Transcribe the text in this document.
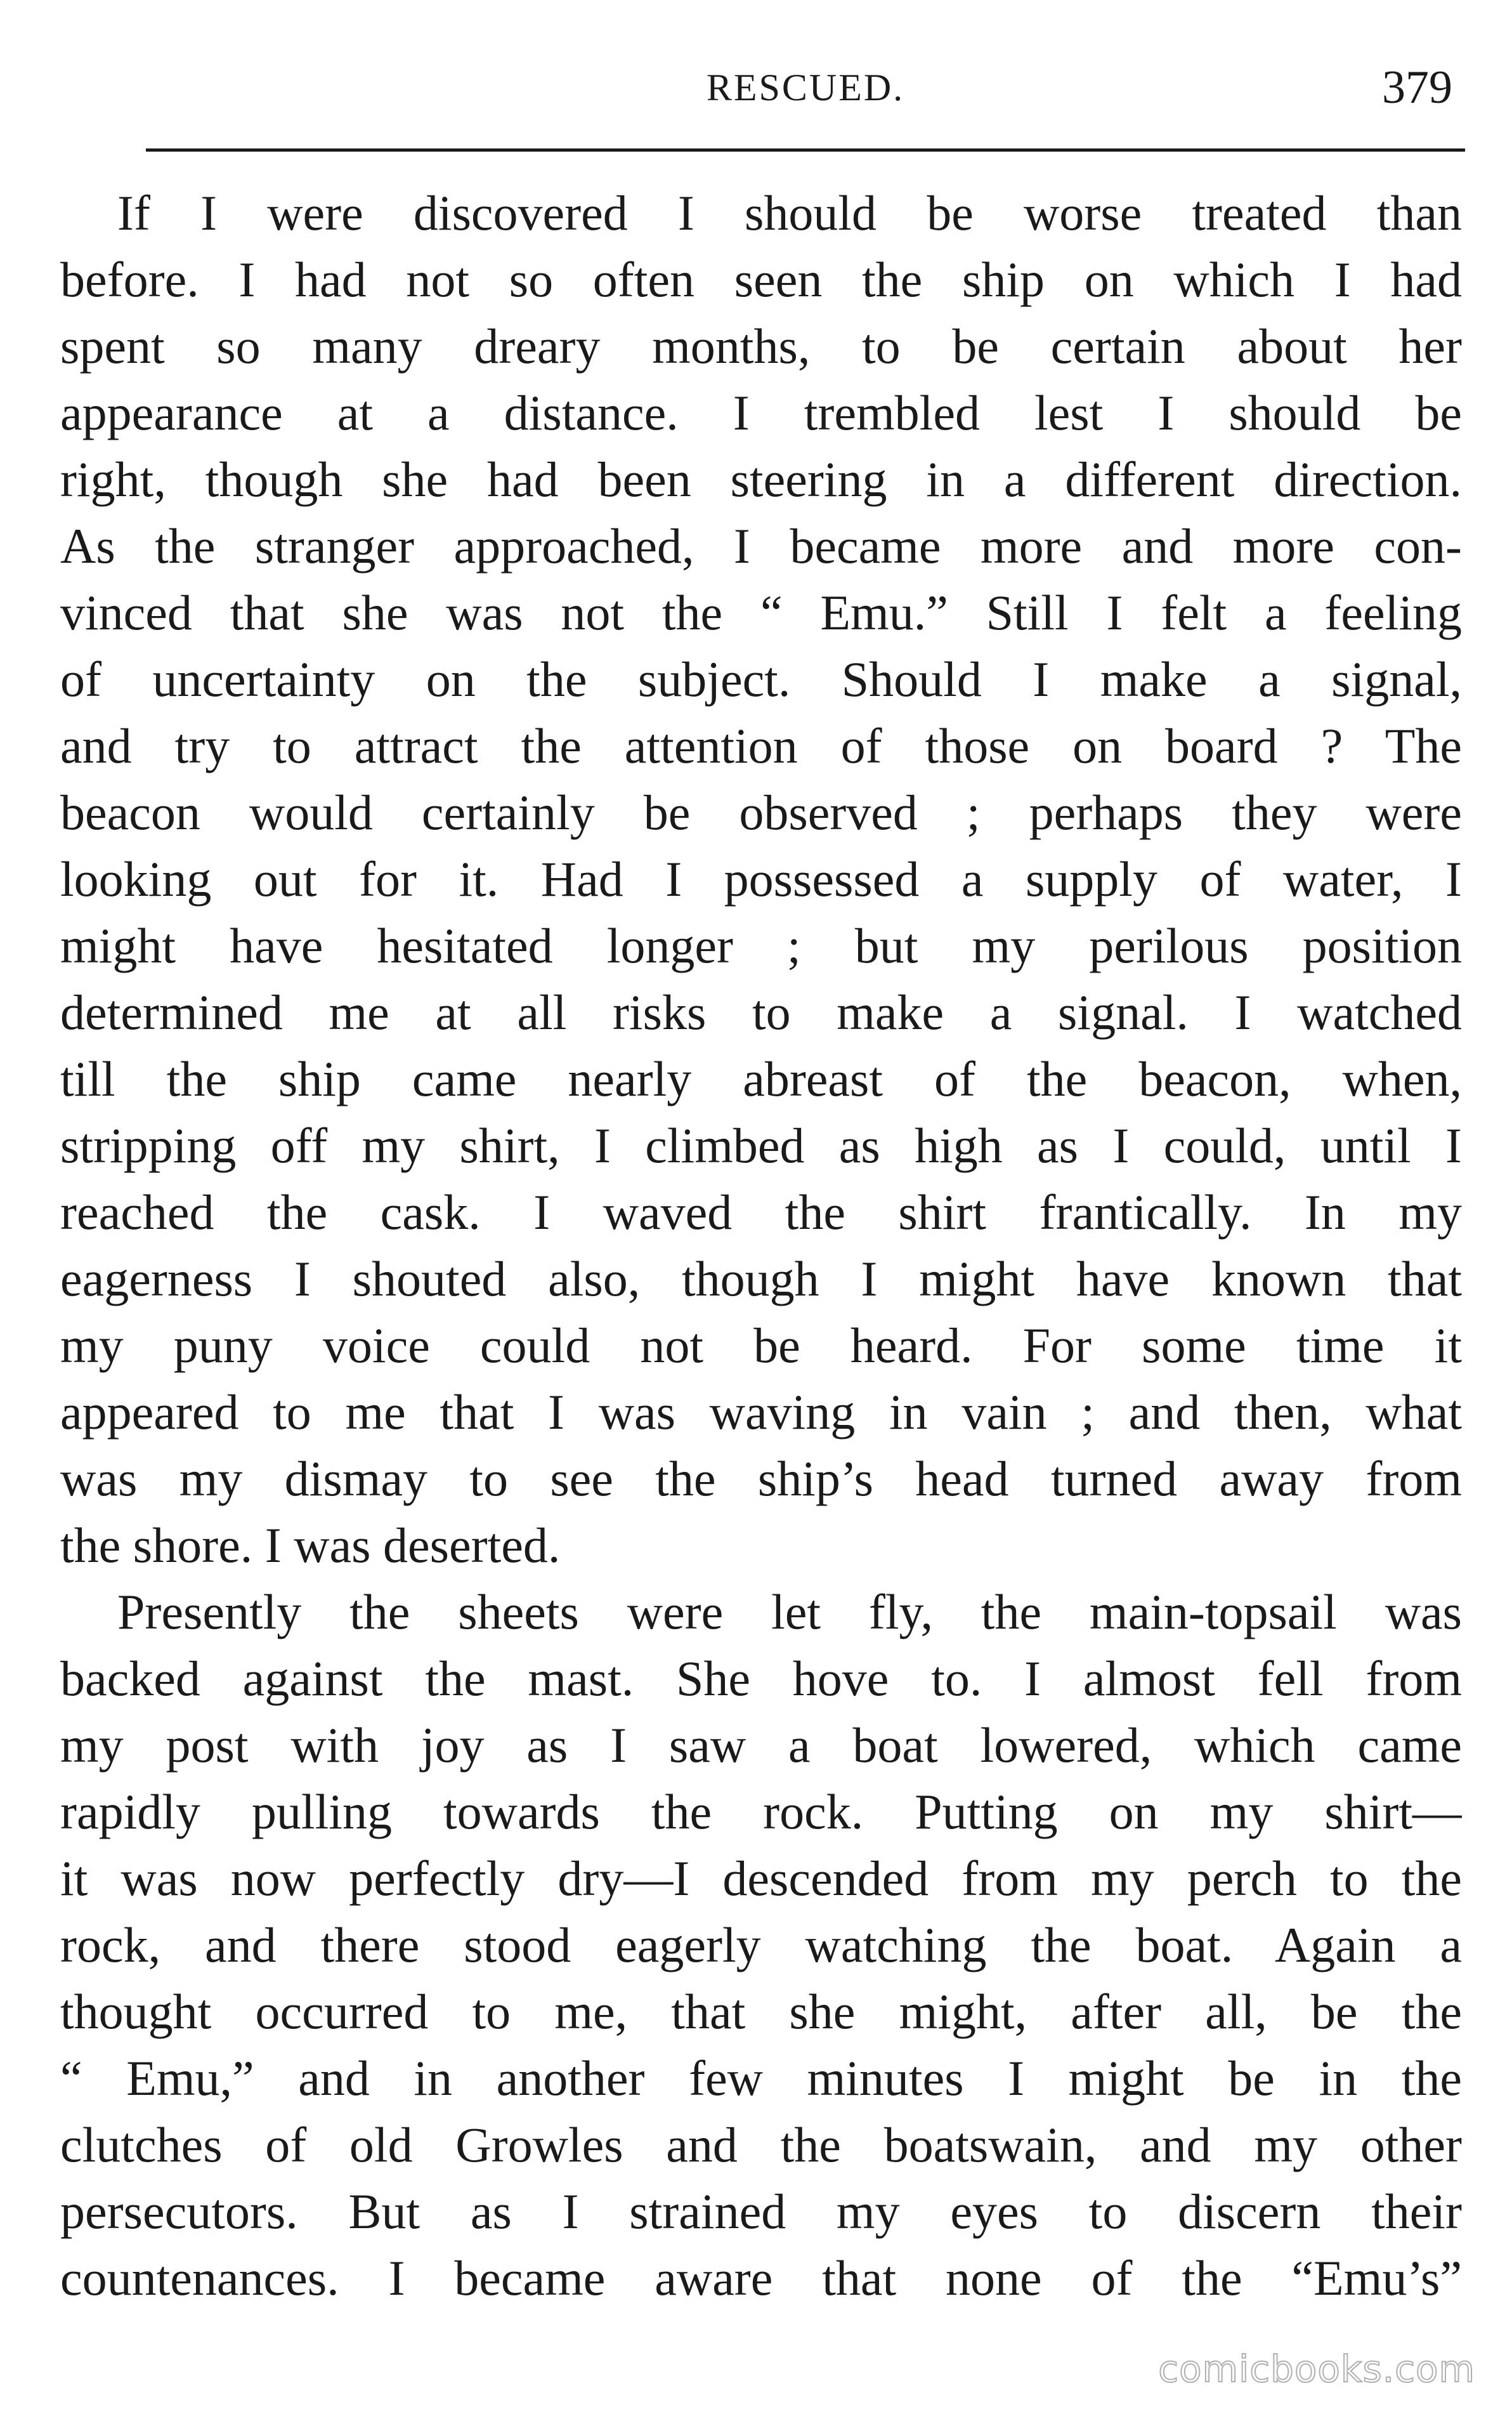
RESCUED.	379
If I were discovered I should be worse treated than
before. I had not so often seen the ship on which I had
spent so many dreary months, to be certain about her
appearance at a distance. I trembled lest I should be
right, though she had been steering in a different direction.
As the stranger approached, I became more and more con-
vinced that she was not the “ Emu.” Still I felt a feeling
of uncertainty on the subject. Should I make a signal,
and try to attract the attention of those on board ? The
beacon would certainly be observed ; perhaps they were
looking out for it. Had I possessed a supply of water, I
might have hesitated longer ; but my perilous position
determined me at all risks to make a signal. I watched
till the ship came nearly abreast of the beacon, when,
stripping off my shirt, I climbed as high as I could, until I
reached the cask. I waved the shirt frantically. In my
eagerness I shouted also, though I might have known that
my puny voice could not be heard. For some time it
appeared to me that I was waving in vain ; and then, what
was my dismay to see the ship’s head turned away from
the shore. I was deserted.
Presently the sheets were let fly, the main-topsail was
backed against the mast. She hove to. I almost fell from
my post with joy as I saw a boat lowered, which came
rapidly pulling towards the rock. Putting on my shirt—
it was now perfectly dry—I descended from my perch to the
rock, and there stood eagerly watching the boat. Again a
thought occurred to me, that she might, after all, be the
“ Emu,” and in another few minutes I might be in the
clutches of old Growles and the boatswain, and my other
persecutors. But as I strained my eyes to discern their
countenances. I became aware that none of the “Emu’s”
comicbooks.com
